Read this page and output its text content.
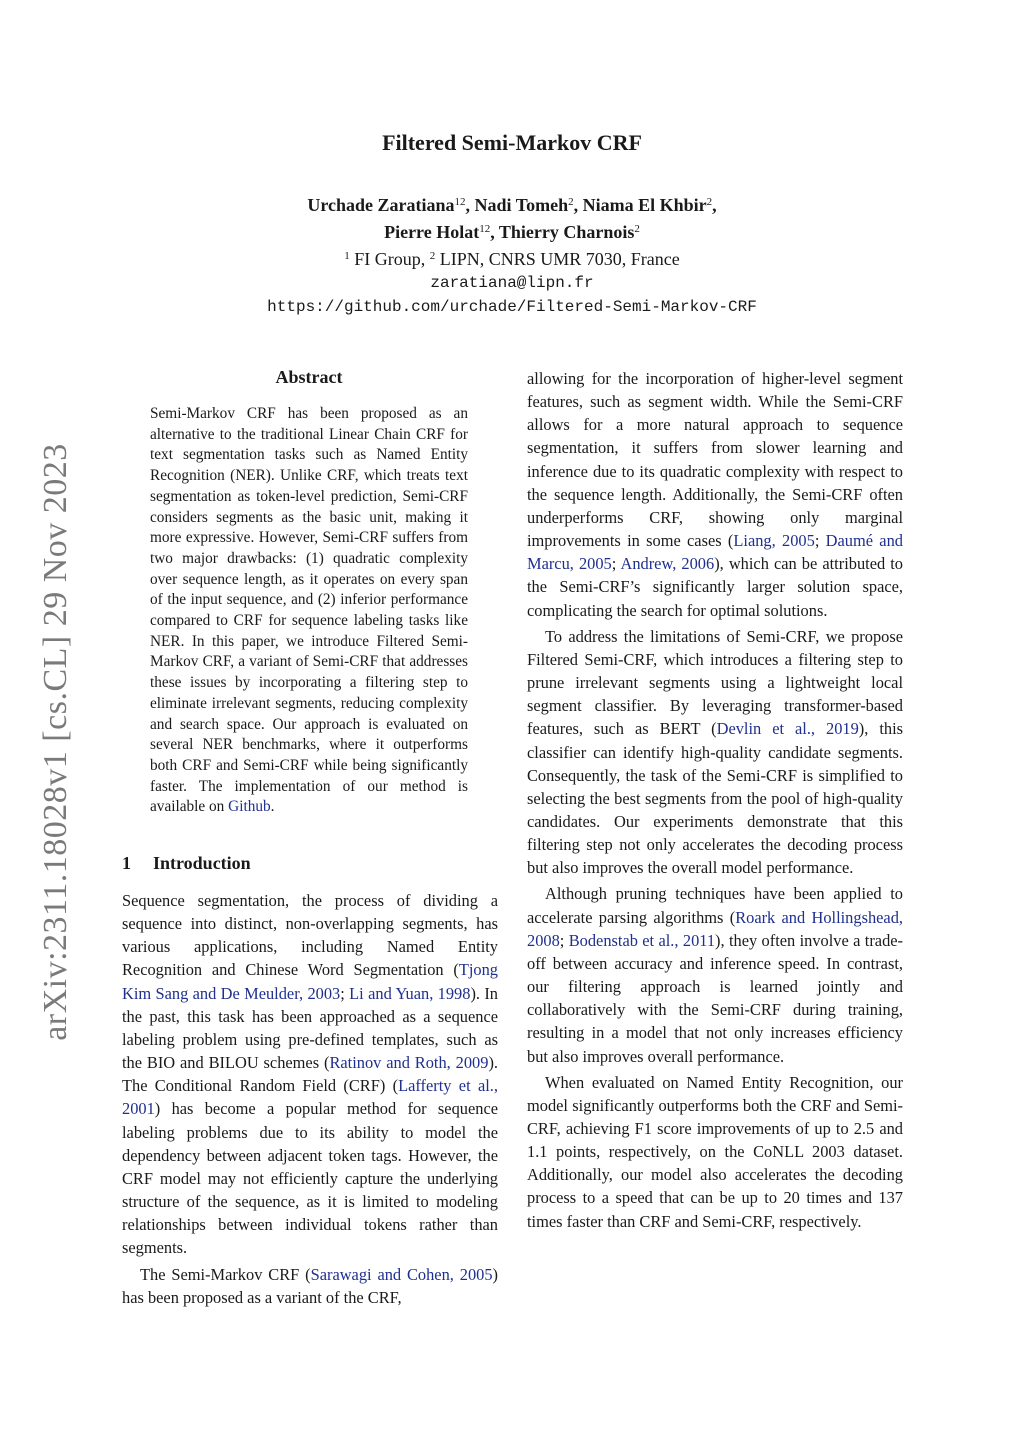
Filtered Semi-Markov CRF
Urchade Zaratiana$^{12}$, Nadi Tomeh$^2$, Niama El Khbir$^2$,
Pierre Holat$^{12}$, Thierry Charnois$^2$
$^1$ FI Group, $^2$ LIPN, CNRS UMR 7030, France
zaratiana@lipn.fr
https://github.com/urchade/Filtered-Semi-Markov-CRF
arXiv:2311.18028v1 [cs.CL] 29 Nov 2023
Abstract

Semi-Markov CRF has been proposed as an alternative to the traditional Linear Chain CRF for text segmentation tasks such as Named Entity Recognition (NER). Unlike CRF, which treats text segmentation as token-level prediction, Semi-CRF considers segments as the basic unit, making it more expressive. However, Semi-CRF suffers from two major drawbacks: (1) quadratic complexity over sequence length, as it operates on every span of the input sequence, and (2) inferior performance compared to CRF for sequence labeling tasks like NER. In this paper, we introduce Filtered Semi-Markov CRF, a variant of Semi-CRF that addresses these issues by incorporating a filtering step to eliminate irrelevant segments, reducing complexity and search space. Our approach is evaluated on several NER benchmarks, where it outperforms both CRF and Semi-CRF while being significantly faster. The implementation of our method is available on Github.

1 Introduction

Sequence segmentation, the process of dividing a sequence into distinct, non-overlapping segments, has various applications, including Named Entity Recognition and Chinese Word Segmentation (Tjong Kim Sang and De Meulder, 2003; Li and Yuan, 1998). In the past, this task has been approached as a sequence labeling problem using pre-defined templates, such as the BIO and BILOU schemes (Ratinov and Roth, 2009). The Conditional Random Field (CRF) (Lafferty et al., 2001) has become a popular method for sequence labeling problems due to its ability to model the dependency between adjacent token tags. However, the CRF model may not efficiently capture the underlying structure of the sequence, as it is limited to modeling relationships between individual tokens rather than segments.

The Semi-Markov CRF (Sarawagi and Cohen, 2005) has been proposed as a variant of the CRF,

allowing for the incorporation of higher-level segment features, such as segment width. While the Semi-CRF allows for a more natural approach to sequence segmentation, it suffers from slower learning and inference due to its quadratic complexity with respect to the sequence length. Additionally, the Semi-CRF often underperforms CRF, showing only marginal improvements in some cases (Liang, 2005; Daumé and Marcu, 2005; Andrew, 2006), which can be attributed to the Semi-CRF’s significantly larger solution space, complicating the search for optimal solutions.

To address the limitations of Semi-CRF, we propose Filtered Semi-CRF, which introduces a filtering step to prune irrelevant segments using a lightweight local segment classifier. By leveraging transformer-based features, such as BERT (Devlin et al., 2019), this classifier can identify high-quality candidate segments. Consequently, the task of the Semi-CRF is simplified to selecting the best segments from the pool of high-quality candidates. Our experiments demonstrate that this filtering step not only accelerates the decoding process but also improves the overall model performance.

Although pruning techniques have been applied to accelerate parsing algorithms (Roark and Hollingshead, 2008; Bodenstab et al., 2011), they often involve a trade-off between accuracy and inference speed. In contrast, our filtering approach is learned jointly and collaboratively with the Semi-CRF during training, resulting in a model that not only increases efficiency but also improves overall performance.

When evaluated on Named Entity Recognition, our model significantly outperforms both the CRF and Semi-CRF, achieving F1 score improvements of up to 2.5 and 1.1 points, respectively, on the CoNLL 2003 dataset. Additionally, our model also accelerates the decoding process to a speed that can be up to 20 times and 137 times faster than CRF and Semi-CRF, respectively.
